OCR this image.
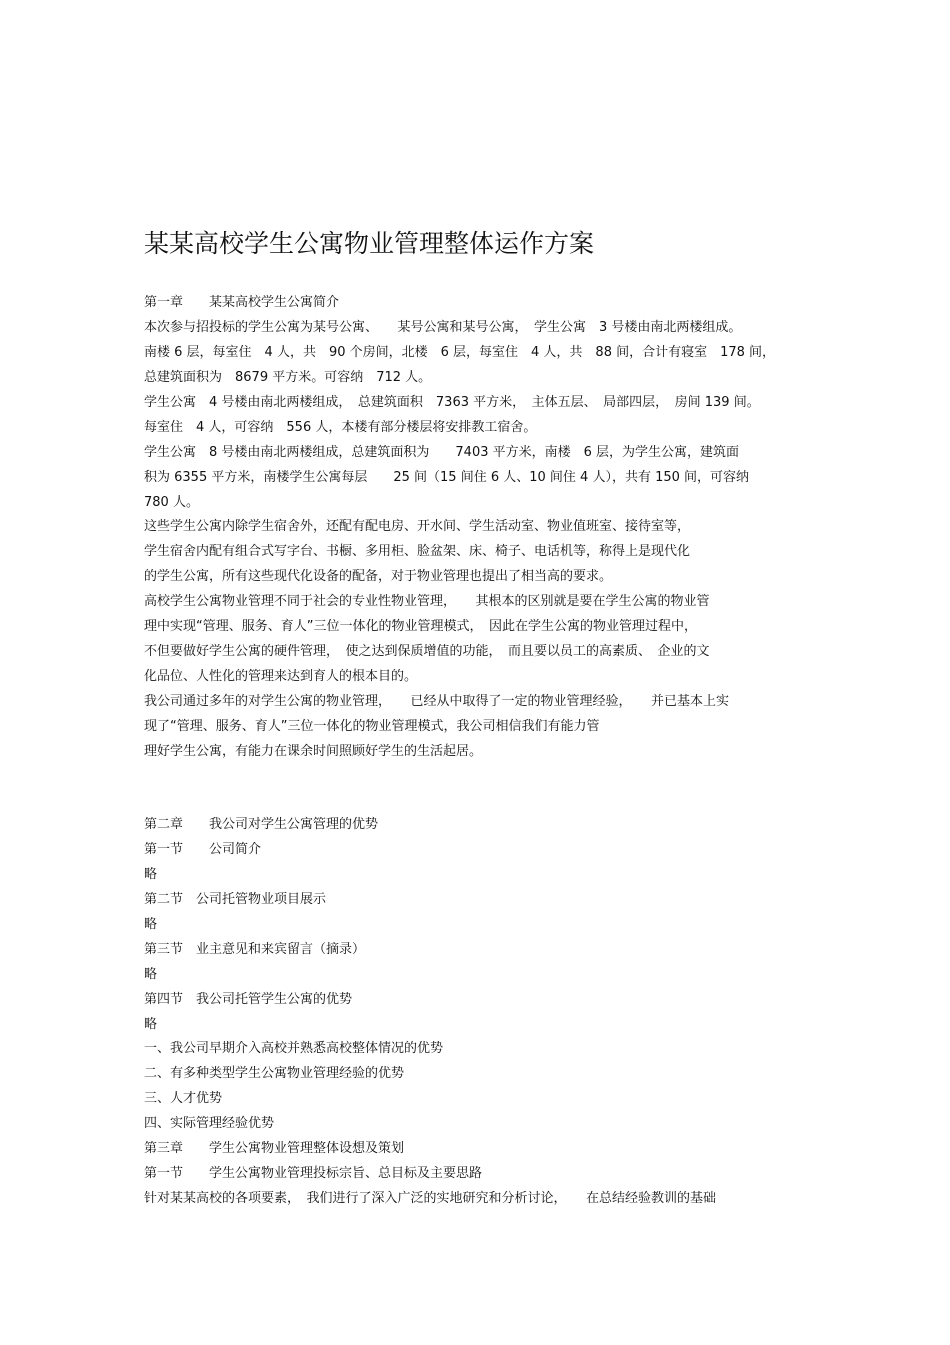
某某高校学生公寓物业管理整体运作方案
第一章　　某某高校学生公寓简介
本次参与招投标的学生公寓为某号公寓、　　某号公寓和某号公寓，　学生公寓　3 号楼由南北两楼组成。
南楼 6 层，每室住　4 人，共　90 个房间，北楼　6 层，每室住　4 人，共　88 间，合计有寝室　178 间，
总建筑面积为　8679 平方米。可容纳　712 人。
学生公寓　4 号楼由南北两楼组成，　总建筑面积　7363 平方米，　主体五层、　局部四层，　房间 139 间。
每室住　4 人，可容纳　556 人，本楼有部分楼层将安排教工宿舍。
学生公寓　8 号楼由南北两楼组成，总建筑面积为　　7403 平方米，南楼　6 层，为学生公寓，建筑面
积为 6355 平方米，南楼学生公寓每层　　25 间（15 间住 6 人、10 间住 4 人），共有 150 间，可容纳
780 人。
这些学生公寓内除学生宿舍外，还配有配电房、开水间、学生活动室、物业值班室、接待室等，
学生宿舍内配有组合式写字台、书橱、多用柜、脸盆架、床、椅子、电话机等，称得上是现代化
的学生公寓，所有这些现代化设备的配备，对于物业管理也提出了相当高的要求。
高校学生公寓物业管理不同于社会的专业性物业管理，　　其根本的区别就是要在学生公寓的物业管
理中实现“管理、服务、育人”三位一体化的物业管理模式，　因此在学生公寓的物业管理过程中，
不但要做好学生公寓的硬件管理，　使之达到保质增值的功能，　而且要以员工的高素质、　企业的文
化品位、人性化的管理来达到育人的根本目的。
我公司通过多年的对学生公寓的物业管理，　　已经从中取得了一定的物业管理经验，　　并已基本上实
现了“管理、服务、育人”三位一体化的物业管理模式，我公司相信我们有能力管
理好学生公寓，有能力在课余时间照顾好学生的生活起居。
第二章　　我公司对学生公寓管理的优势
第一节　　公司简介
略
第二节　公司托管物业项目展示
略
第三节　业主意见和来宾留言（摘录）
略
第四节　我公司托管学生公寓的优势
略
一、我公司早期介入高校并熟悉高校整体情况的优势
二、有多种类型学生公寓物业管理经验的优势
三、人才优势
四、实际管理经验优势
第三章　　学生公寓物业管理整体设想及策划
第一节　　学生公寓物业管理投标宗旨、总目标及主要思路
针对某某高校的各项要素，　我们进行了深入广泛的实地研究和分析讨论，　　在总结经验教训的基础
